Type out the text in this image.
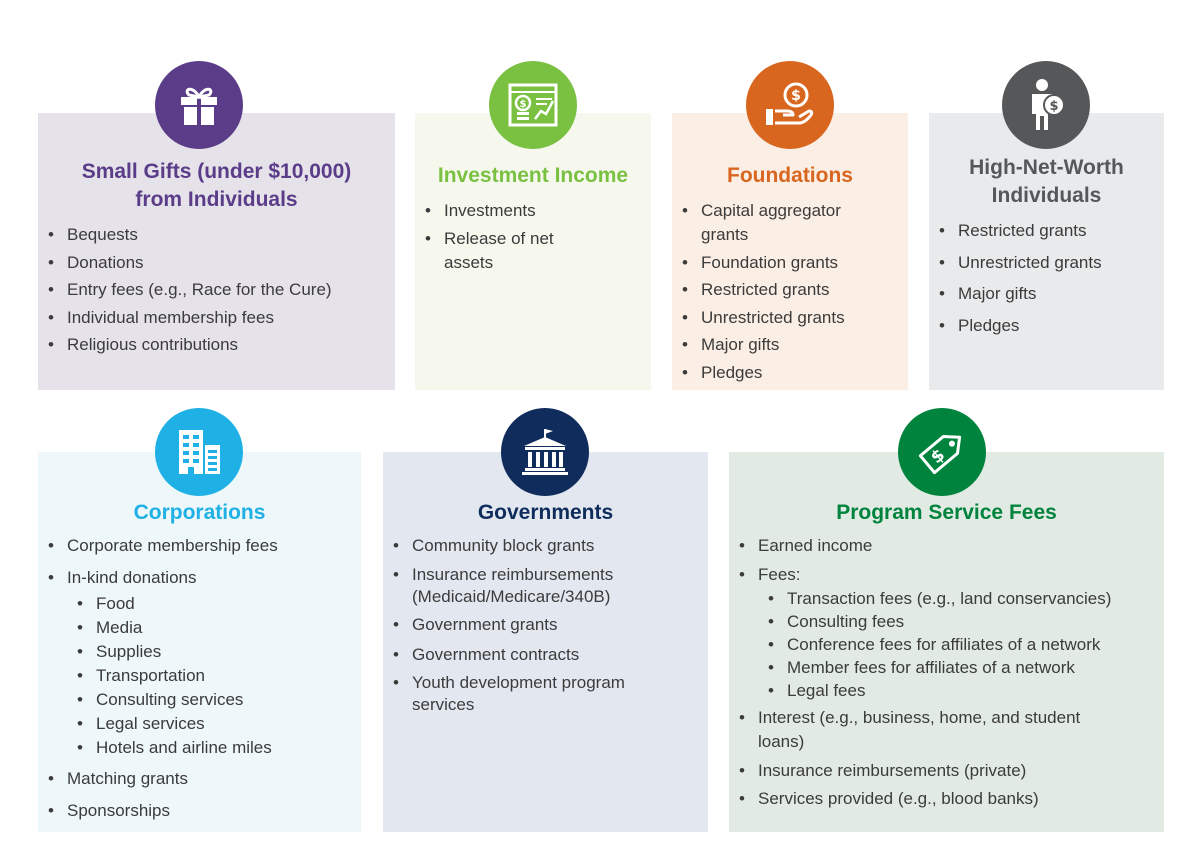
Small Gifts (under $10,000)
from Individuals
• Bequests
• Donations
• Entry fees (e.g., Race for the Cure)
• Individual membership fees
• Religious contributions
Investment Income
• Investments
• Release of net
assets
$
Foundations
• Capital aggregator
grants
• Foundation grants
• Restricted grants
• Unrestricted grants
• Major gifts
• Pledges
$
High-Net-Worth
Individuals
• Restricted grants
• Unrestricted grants
• Major gifts
• Pledges
$
Corporations
• Corporate membership fees
• In-kind donations
• Food
• Media
• Supplies
• Transportation
• Consulting services
• Legal services
• Hotels and airline miles
• Matching grants
• Sponsorships
Governments
• Community block grants
• Insurance reimbursements
(Medicaid/Medicare/340B)
• Government grants
• Government contracts
• Youth development program
services
Program Service Fees
• Earned income
• Fees:
• Transaction fees (e.g., land conservancies)
• Consulting fees
• Conference fees for affiliates of a network
• Member fees for affiliates of a network
• Legal fees
• Interest (e.g., business, home, and student
loans)
• Insurance reimbursements (private)
• Services provided (e.g., blood banks)
$
